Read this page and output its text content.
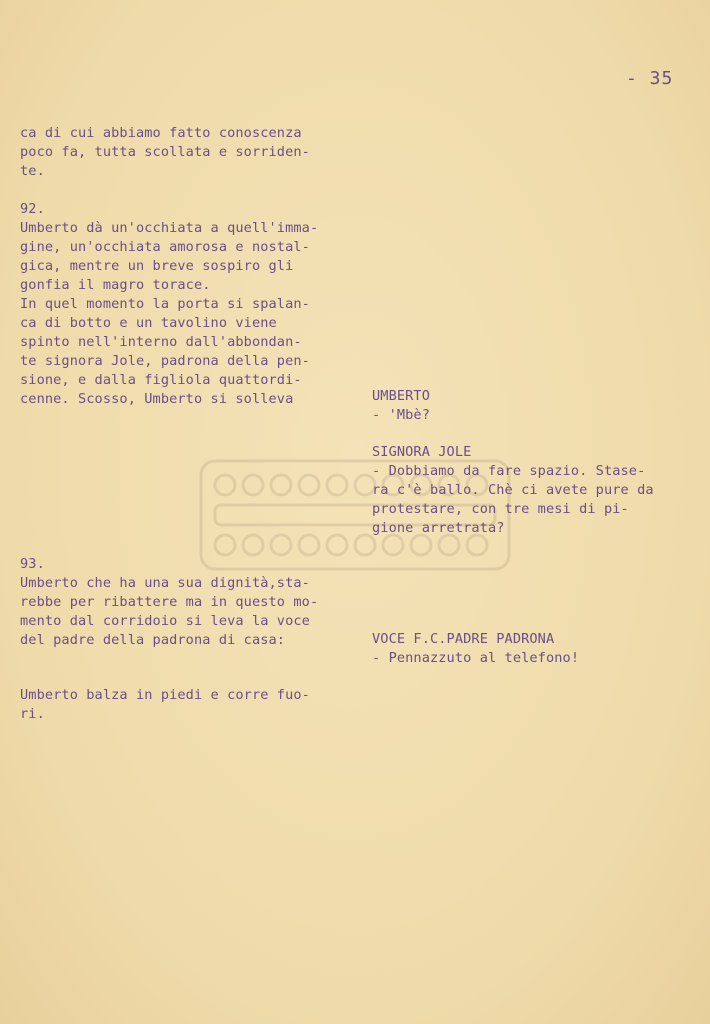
- 35
ca di cui abbiamo fatto conoscenza
poco fa, tutta scollata e sorriden-
te.
92.
Umberto dà un'occhiata a quell'imma-
gine, un'occhiata amorosa e nostal-
gica, mentre un breve sospiro gli
gonfia il magro torace.
In quel momento la porta si spalan-
ca di botto e un tavolino viene
spinto nell'interno dall'abbondan-
te signora Jole, padrona della pen-
sione, e dalla figliola quattordi-
cenne. Scosso, Umberto si solleva
93.
Umberto che ha una sua dignità,sta-
rebbe per ribattere ma in questo mo-
mento dal corridoio si leva la voce
del padre della padrona di casa:
Umberto balza in piedi e corre fuo-
ri.
UMBERTO
- 'Mbè?
SIGNORA JOLE
- Dobbiamo da fare spazio. Stase-
ra c'è ballo. Chè ci avete pure da
protestare, con tre mesi di pi-
gione arretrata?
VOCE F.C.PADRE PADRONA
- Pennazzuto al telefono!
